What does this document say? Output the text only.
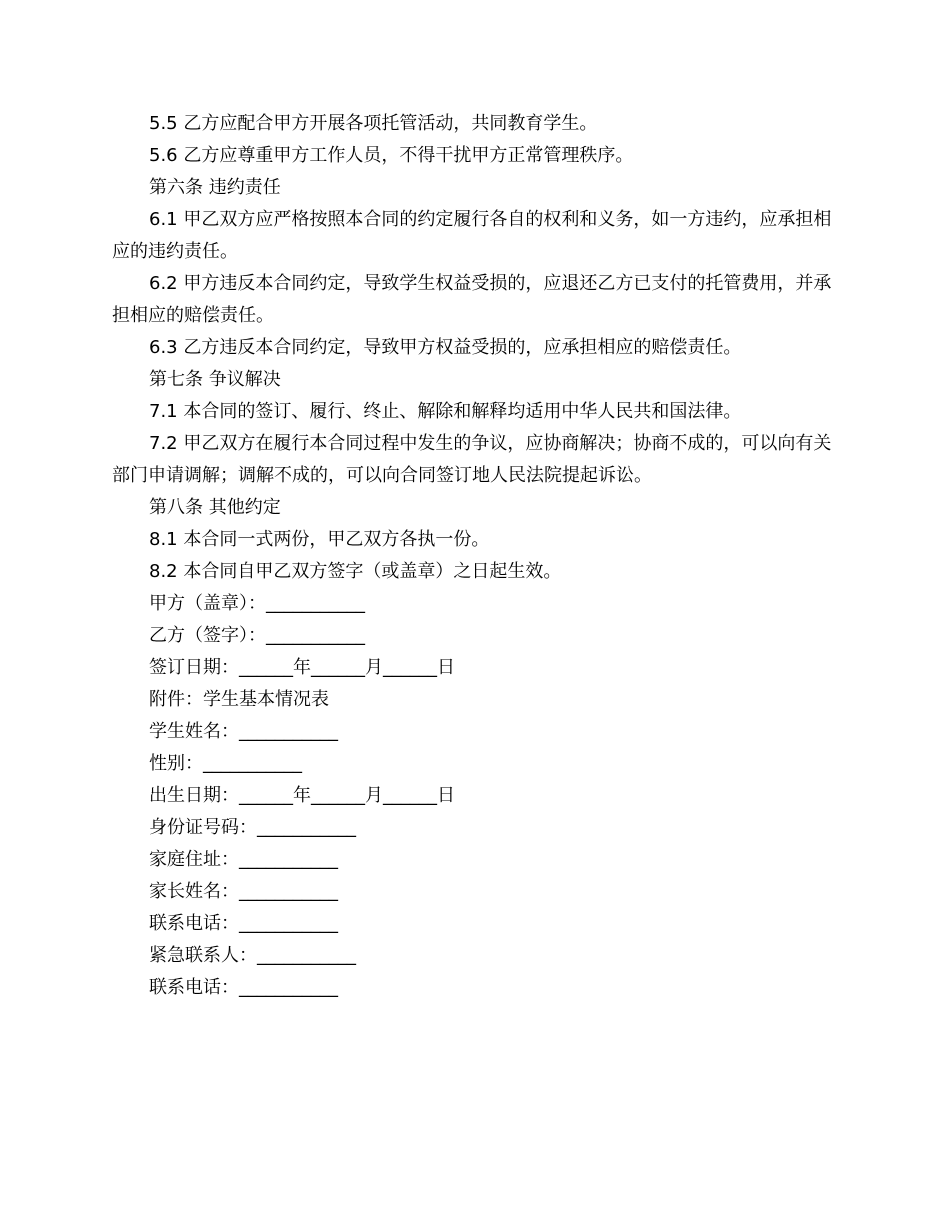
5.5 乙方应配合甲方开展各项托管活动，共同教育学生。

5.6 乙方应尊重甲方工作人员，不得干扰甲方正常管理秩序。

第六条 违约责任

6.1 甲乙双方应严格按照本合同的约定履行各自的权利和义务，如一方违约，应承担相应的违约责任。

6.2 甲方违反本合同约定，导致学生权益受损的，应退还乙方已支付的托管费用，并承担相应的赔偿责任。

6.3 乙方违反本合同约定，导致甲方权益受损的，应承担相应的赔偿责任。

第七条 争议解决

7.1 本合同的签订、履行、终止、解除和解释均适用中华人民共和国法律。

7.2 甲乙双方在履行本合同过程中发生的争议，应协商解决；协商不成的，可以向有关部门申请调解；调解不成的，可以向合同签订地人民法院提起诉讼。

第八条 其他约定

8.1 本合同一式两份，甲乙双方各执一份。

8.2 本合同自甲乙双方签字（或盖章）之日起生效。

甲方（盖章）：___________

乙方（签字）：___________

签订日期：______年______月______日

附件：学生基本情况表

学生姓名：___________

性别：___________

出生日期：______年______月______日

身份证号码：___________

家庭住址：___________

家长姓名：___________

联系电话：___________

紧急联系人：___________

联系电话：___________
